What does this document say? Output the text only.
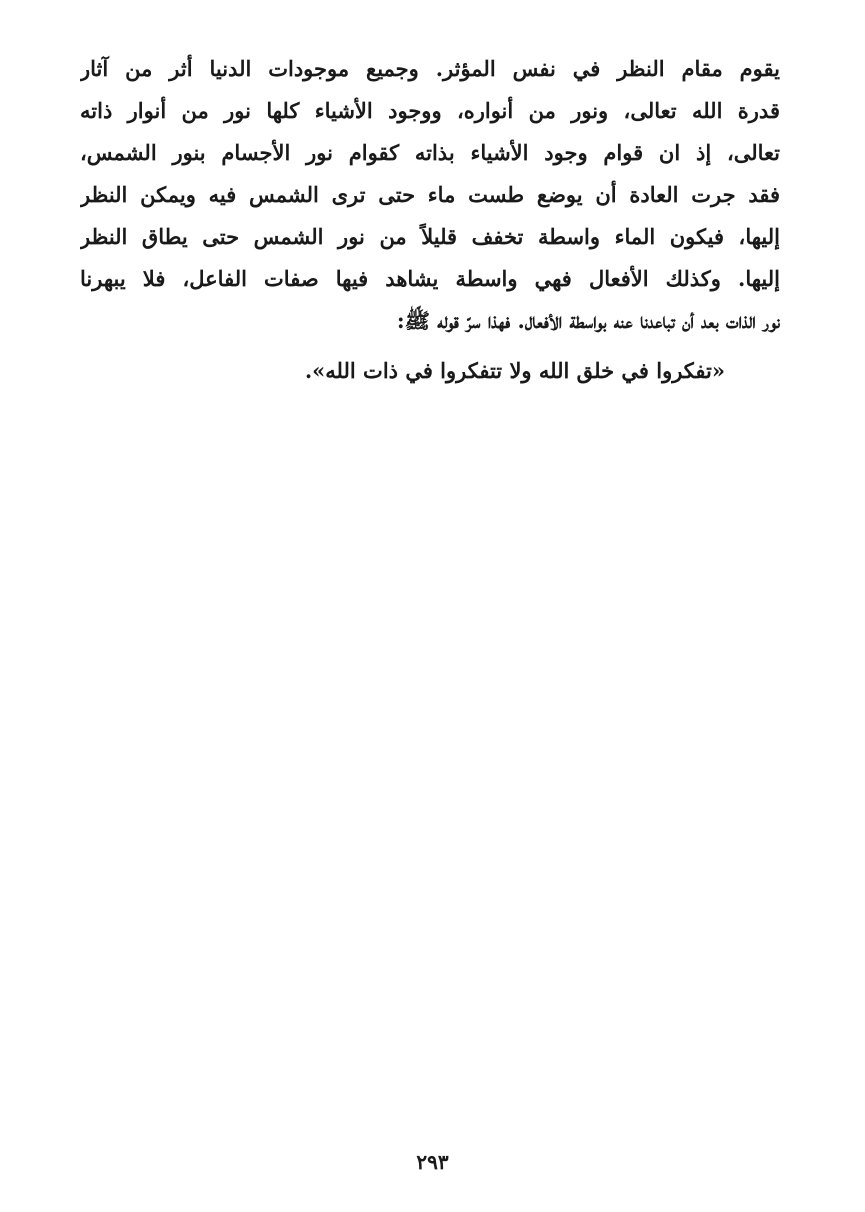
يقوم مقام النظر في نفس المؤثر. وجميع موجودات الدنيا أثر من آثار
قدرة الله تعالى، ونور من أنواره، ووجود الأشياء كلها نور من أنوار ذاته
تعالى، إذ ان قوام وجود الأشياء بذاته كقوام نور الأجسام بنور الشمس،
فقد جرت العادة أن يوضع طست ماء حتى ترى الشمس فيه ويمكن النظر
إليها، فيكون الماء واسطة تخفف قليلاً من نور الشمس حتى يطاق النظر
إليها. وكذلك الأفعال فهي واسطة يشاهد فيها صفات الفاعل، فلا يبهرنا
نور الذات بعد أن تباعدنا عنه بواسطة الأفعال. فهذا سرّ قوله ﷺ:
«تفكروا في خلق الله ولا تتفكروا في ذات الله».
٢٩٣
